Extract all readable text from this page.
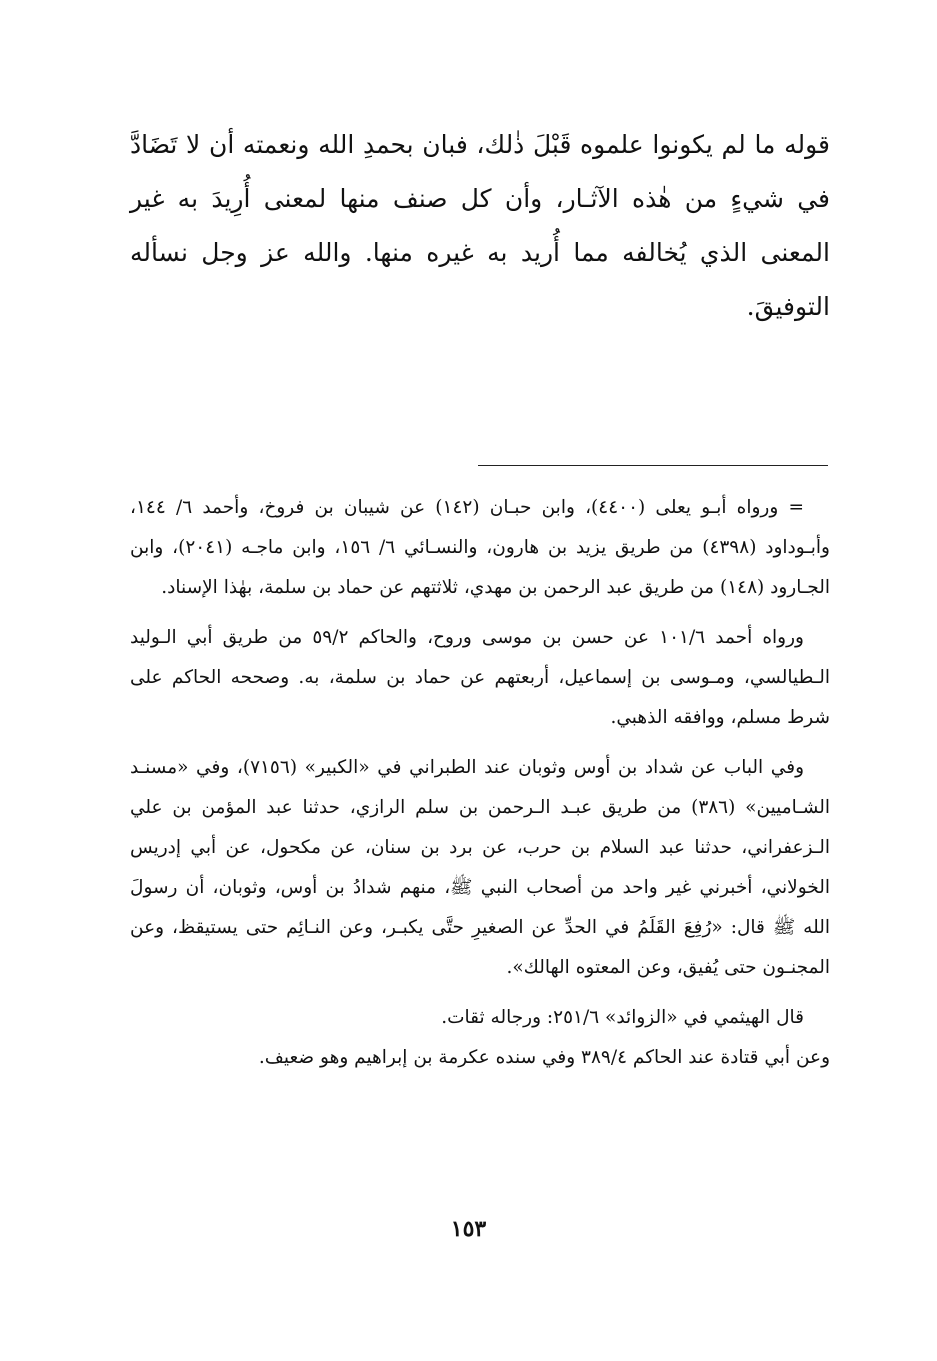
قوله ما لم يكونوا علموه قَبْلَ ذٰلك، فبان بحمدِ الله ونعمته أن لا تَضَادَّ في شيءٍ من هٰذه الآثـار، وأن كل صنف منها لمعنى أُرِيدَ به غير المعنى الذي يُخالفه مما أُريد به غيره منها. والله عز وجل نسأله التوفيقَ.

= ورواه أبـو يعلى (٤٤٠٠)، وابن حبـان (١٤٢) عن شيبان بن فروخ، وأحمد ٦/ ١٤٤، وأبـوداود (٤٣٩٨) من طريق يزيد بن هارون، والنسـائي ٦/ ١٥٦، وابن ماجـه (٢٠٤١)، وابن الجـارود (١٤٨) من طريق عبد الرحمن بن مهدي، ثلاثتهم عن حماد بن سلمة، بهٰذا الإسناد.

ورواه أحمد ١٠١/٦ عن حسن بن موسى وروح، والحاكم ٥٩/٢ من طريق أبي الـوليد الـطيالسي، ومـوسى بن إسماعيل، أربعتهم عن حماد بن سلمة، به. وصححه الحاكم على شرط مسلم، ووافقه الذهبي.

وفي الباب عن شداد بن أوس وثوبان عند الطبراني في «الكبير» (٧١٥٦)، وفي «مسنـد الشـاميين» (٣٨٦) من طريق عبـد الـرحمن بن سلم الرازي، حدثنا عبد المؤمن بن علي الـزعفراني، حدثنا عبد السلام بن حرب، عن برد بن سنان، عن مكحول، عن أبي إدريس الخولاني، أخبرني غير واحد من أصحاب النبي ﷺ، منهم شدادُ بن أوس، وثوبان، أن رسولَ الله ﷺ قال: «رُفِعَ القَلَمُ في الحدِّ عن الصغيرِ حتَّى يكبـر، وعن النـائِم حتى يستيقظ، وعن المجنـون حتى يُفيق، وعن المعتوه الهالك».

قال الهيثمي في «الزوائد» ٢٥١/٦: ورجاله ثقات.

وعن أبي قتادة عند الحاكم ٣٨٩/٤ وفي سنده عكرمة بن إبراهيم وهو ضعيف.

١٥٣
